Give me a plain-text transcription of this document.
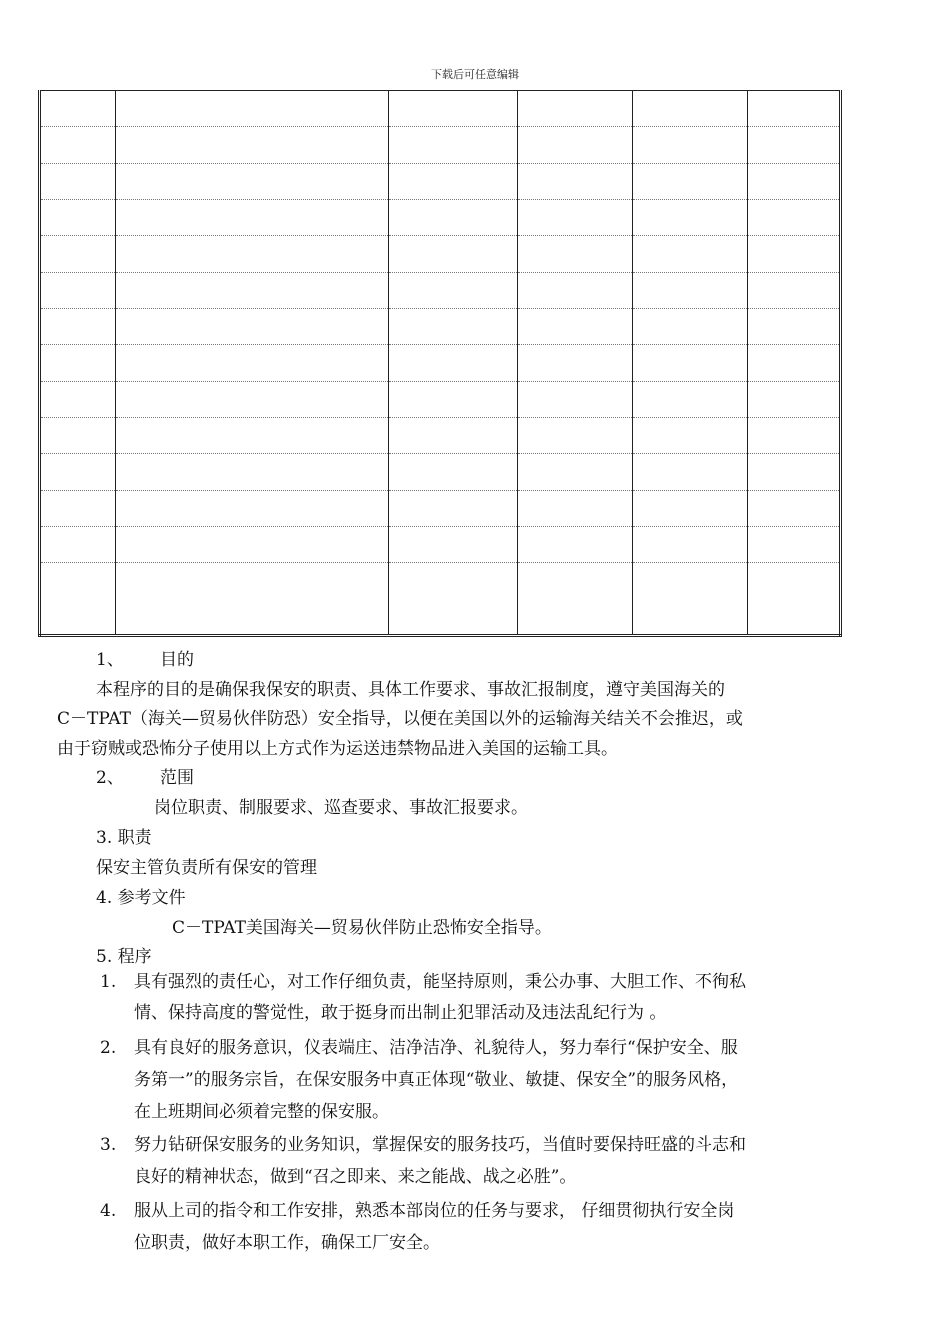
下载后可任意编辑

1、 目的
本程序的目的是确保我保安的职责、具体工作要求、事故汇报制度，遵守美国海关的
C－TPAT（海关—贸易伙伴防恐）安全指导，以便在美国以外的运输海关结关不会推迟，或
由于窃贼或恐怖分子使用以上方式作为运送违禁物品进入美国的运输工具。
2、 范围
岗位职责、制服要求、巡查要求、事故汇报要求。
3. 职责
保安主管负责所有保安的管理
4. 参考文件
C－TPAT美国海关—贸易伙伴防止恐怖安全指导。
5. 程序
1. 具有强烈的责任心，对工作仔细负责，能坚持原则，秉公办事、大胆工作、不徇私
情、保持高度的警觉性，敢于挺身而出制止犯罪活动及违法乱纪行为 。
2. 具有良好的服务意识，仪表端庄、洁净洁净、礼貌待人，努力奉行“保护安全、服
务第一”的服务宗旨，在保安服务中真正体现“敬业、敏捷、保安全”的服务风格，
在上班期间必须着完整的保安服。
3. 努力钻研保安服务的业务知识，掌握保安的服务技巧，当值时要保持旺盛的斗志和
良好的精神状态，做到“召之即来、来之能战、战之必胜”。
4. 服从上司的指令和工作安排，熟悉本部岗位的任务与要求， 仔细贯彻执行安全岗
位职责，做好本职工作，确保工厂安全。
